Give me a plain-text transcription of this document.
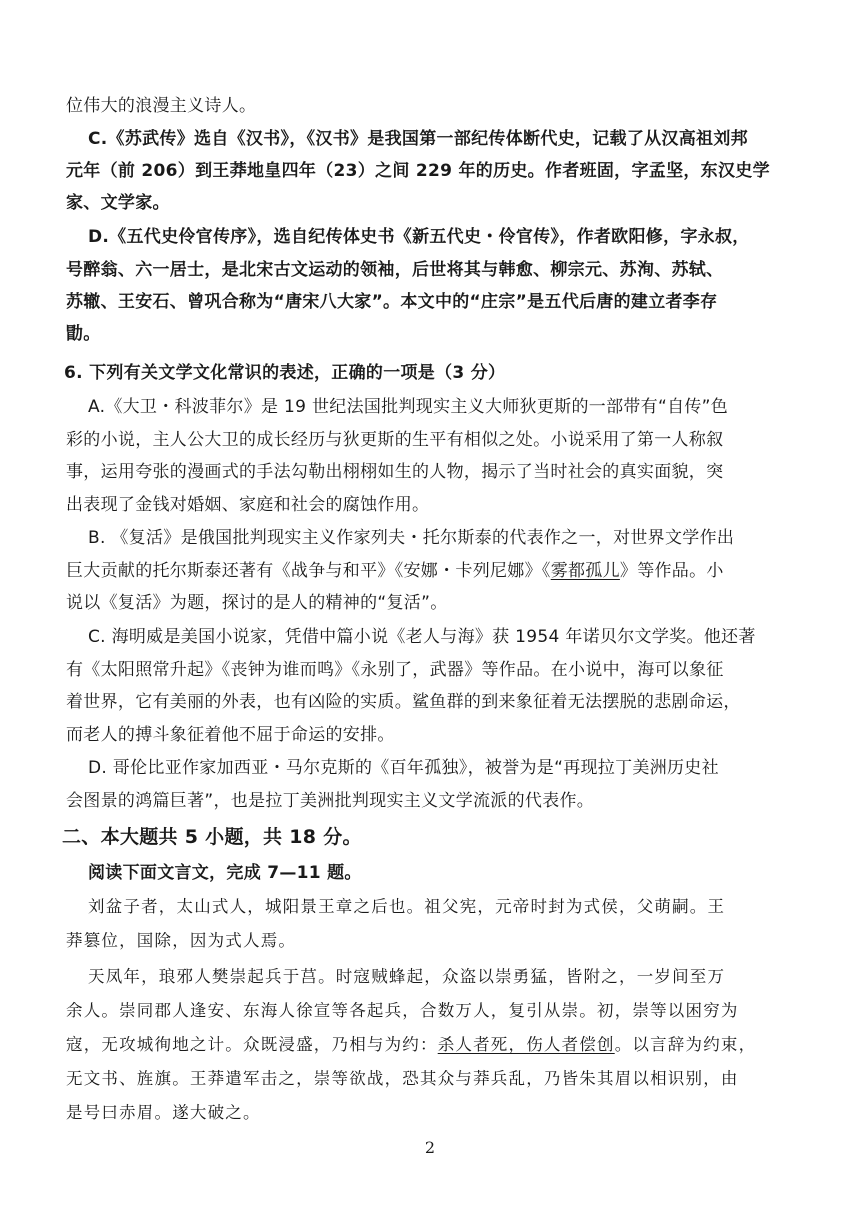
位伟大的浪漫主义诗人。
C.《苏武传》选自《汉书》，《汉书》是我国第一部纪传体断代史，记载了从汉高祖刘邦
元年（前 206）到王莽地皇四年（23）之间 229 年的历史。作者班固，字孟坚，东汉史学
家、文学家。
D.《五代史伶官传序》，选自纪传体史书《新五代史・伶官传》，作者欧阳修，字永叔，
号醉翁、六一居士，是北宋古文运动的领袖，后世将其与韩愈、柳宗元、苏洵、苏轼、
苏辙、王安石、曾巩合称为“唐宋八大家”。本文中的“庄宗”是五代后唐的建立者李存
勖。
6. 下列有关文学文化常识的表述，正确的一项是（3 分）
A.《大卫・科波菲尔》是 19 世纪法国批判现实主义大师狄更斯的一部带有“自传”色
彩的小说，主人公大卫的成长经历与狄更斯的生平有相似之处。小说采用了第一人称叙
事，运用夸张的漫画式的手法勾勒出栩栩如生的人物，揭示了当时社会的真实面貌，突
出表现了金钱对婚姻、家庭和社会的腐蚀作用。
B. 《复活》是俄国批判现实主义作家列夫・托尔斯泰的代表作之一，对世界文学作出
巨大贡献的托尔斯泰还著有《战争与和平》《安娜・卡列尼娜》《雾都孤儿》等作品。小
说以《复活》为题，探讨的是人的精神的“复活”。
C. 海明威是美国小说家，凭借中篇小说《老人与海》获 1954 年诺贝尔文学奖。他还著
有《太阳照常升起》《丧钟为谁而鸣》《永别了，武器》等作品。在小说中，海可以象征
着世界，它有美丽的外表，也有凶险的实质。鲨鱼群的到来象征着无法摆脱的悲剧命运，
而老人的搏斗象征着他不屈于命运的安排。
D. 哥伦比亚作家加西亚・马尔克斯的《百年孤独》，被誉为是“再现拉丁美洲历史社
会图景的鸿篇巨著”，也是拉丁美洲批判现实主义文学流派的代表作。
二、本大题共 5 小题，共 18 分。
阅读下面文言文，完成 7—11 题。
刘盆子者，太山式人，城阳景王章之后也。祖父宪，元帝时封为式侯，父萌嗣。王
莽篡位，国除，因为式人焉。
天凤年，琅邪人樊崇起兵于莒。时寇贼蜂起，众盗以崇勇猛，皆附之，一岁间至万
余人。崇同郡人逢安、东海人徐宣等各起兵，合数万人，复引从崇。初，崇等以困穷为
寇，无攻城徇地之计。众既浸盛，乃相与为约：杀人者死，伤人者偿创。以言辞为约束，
无文书、旌旗。王莽遣军击之，崇等欲战，恐其众与莽兵乱，乃皆朱其眉以相识别，由
是号曰赤眉。遂大破之。
2
